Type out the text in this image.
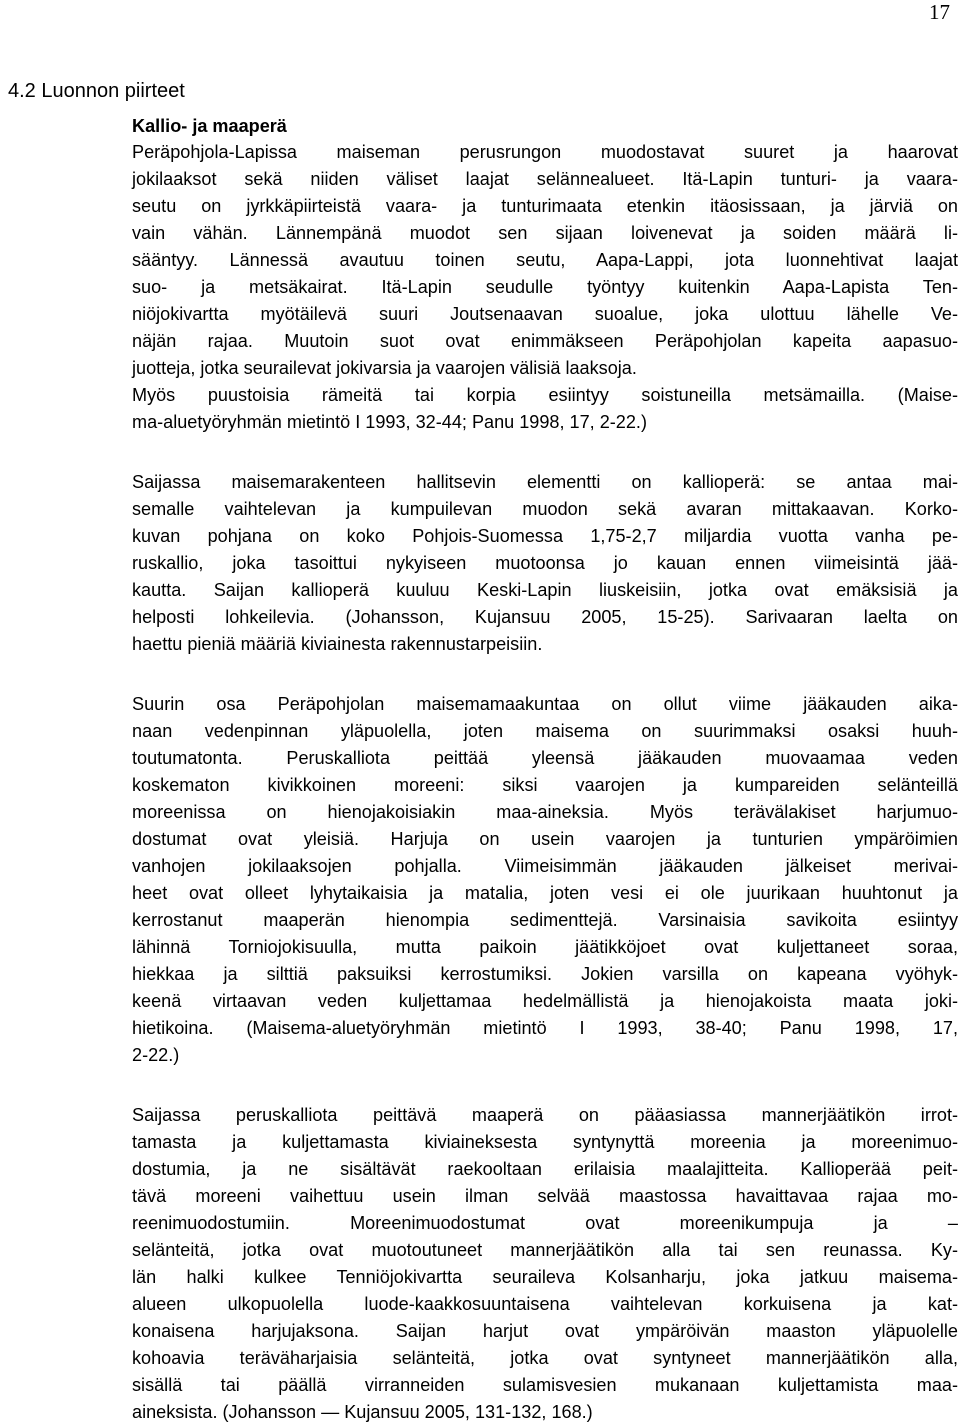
17
4.2 Luonnon piirteet
Kallio- ja maaperä
Peräpohjola-Lapissa maiseman perusrungon muodostavat suuret ja haarovat
jokilaaksot sekä niiden väliset laajat selännealueet. Itä-Lapin tunturi- ja vaara-
seutu on jyrkkäpiirteistä vaara- ja tunturimaata etenkin itäosissaan, ja järviä on
vain vähän. Lännempänä muodot sen sijaan loivenevat ja soiden määrä li-
sääntyy. Lännessä avautuu toinen seutu, Aapa-Lappi, jota luonnehtivat laajat
suo- ja metsäkairat. Itä-Lapin seudulle työntyy kuitenkin Aapa-Lapista Ten-
niöjokivartta myötäilevä suuri Joutsenaavan suoalue, joka ulottuu lähelle Ve-
näjän rajaa. Muutoin suot ovat enimmäkseen Peräpohjolan kapeita aapasuo-
juotteja, jotka seurailevat jokivarsia ja vaarojen välisiä laaksoja.
Myös puustoisia rämeitä tai korpia esiintyy soistuneilla metsämailla. (Maise-
ma-aluetyöryhmän mietintö I 1993, 32-44; Panu 1998, 17, 2-22.)
Saijassa maisemarakenteen hallitsevin elementti on kallioperä: se antaa mai-
semalle vaihtelevan ja kumpuilevan muodon sekä avaran mittakaavan. Korko-
kuvan pohjana on koko Pohjois-Suomessa 1,75-2,7 miljardia vuotta vanha pe-
ruskallio, joka tasoittui nykyiseen muotoonsa jo kauan ennen viimeisintä jää-
kautta. Saijan kallioperä kuuluu Keski-Lapin liuskeisiin, jotka ovat emäksisiä ja
helposti lohkeilevia. (Johansson, Kujansuu 2005, 15-25). Sarivaaran laelta on
haettu pieniä määriä kiviainesta rakennustarpeisiin.
Suurin osa Peräpohjolan maisemamaakuntaa on ollut viime jääkauden aika-
naan vedenpinnan yläpuolella, joten maisema on suurimmaksi osaksi huuh-
toutumatonta. Peruskalliota peittää yleensä jääkauden muovaamaa veden
koskematon kivikkoinen moreeni: siksi vaarojen ja kumpareiden selänteillä
moreenissa on hienojakoisiakin maa-aineksia. Myös terävälakiset harjumuo-
dostumat ovat yleisiä. Harjuja on usein vaarojen ja tunturien ympäröimien
vanhojen jokilaaksojen pohjalla. Viimeisimmän jääkauden jälkeiset merivai-
heet ovat olleet lyhytaikaisia ja matalia, joten vesi ei ole juurikaan huuhtonut ja
kerrostanut maaperän hienompia sedimenttejä. Varsinaisia savikoita esiintyy
lähinnä Torniojokisuulla, mutta paikoin jäätikköjoet ovat kuljettaneet soraa,
hiekkaa ja silttiä paksuiksi kerrostumiksi. Jokien varsilla on kapeana vyöhyk-
keenä virtaavan veden kuljettamaa hedelmällistä ja hienojakoista maata joki-
hietikoina. (Maisema-aluetyöryhmän mietintö I 1993, 38-40; Panu 1998, 17,
2-22.)
Saijassa peruskalliota peittävä maaperä on pääasiassa mannerjäätikön irrot-
tamasta ja kuljettamasta kiviaineksesta syntynyttä moreenia ja moreenimuo-
dostumia, ja ne sisältävät raekooltaan erilaisia maalajitteita. Kallioperää peit-
tävä moreeni vaihettuu usein ilman selvää maastossa havaittavaa rajaa mo-
reenimuodostumiin. Moreenimuodostumat ovat moreenikumpuja ja –
selänteitä, jotka ovat muotoutuneet mannerjäätikön alla tai sen reunassa. Ky-
län halki kulkee Tenniöjokivartta seuraileva Kolsanharju, joka jatkuu maisema-
alueen ulkopuolella luode-kaakkosuuntaisena vaihtelevan korkuisena ja kat-
konaisena harjujaksona. Saijan harjut ovat ympäröivän maaston yläpuolelle
kohoavia teräväharjaisia selänteitä, jotka ovat syntyneet mannerjäätikön alla,
sisällä tai päällä virranneiden sulamisvesien mukanaan kuljettamista maa-
aineksista. (Johansson — Kujansuu 2005, 131-132, 168.)
